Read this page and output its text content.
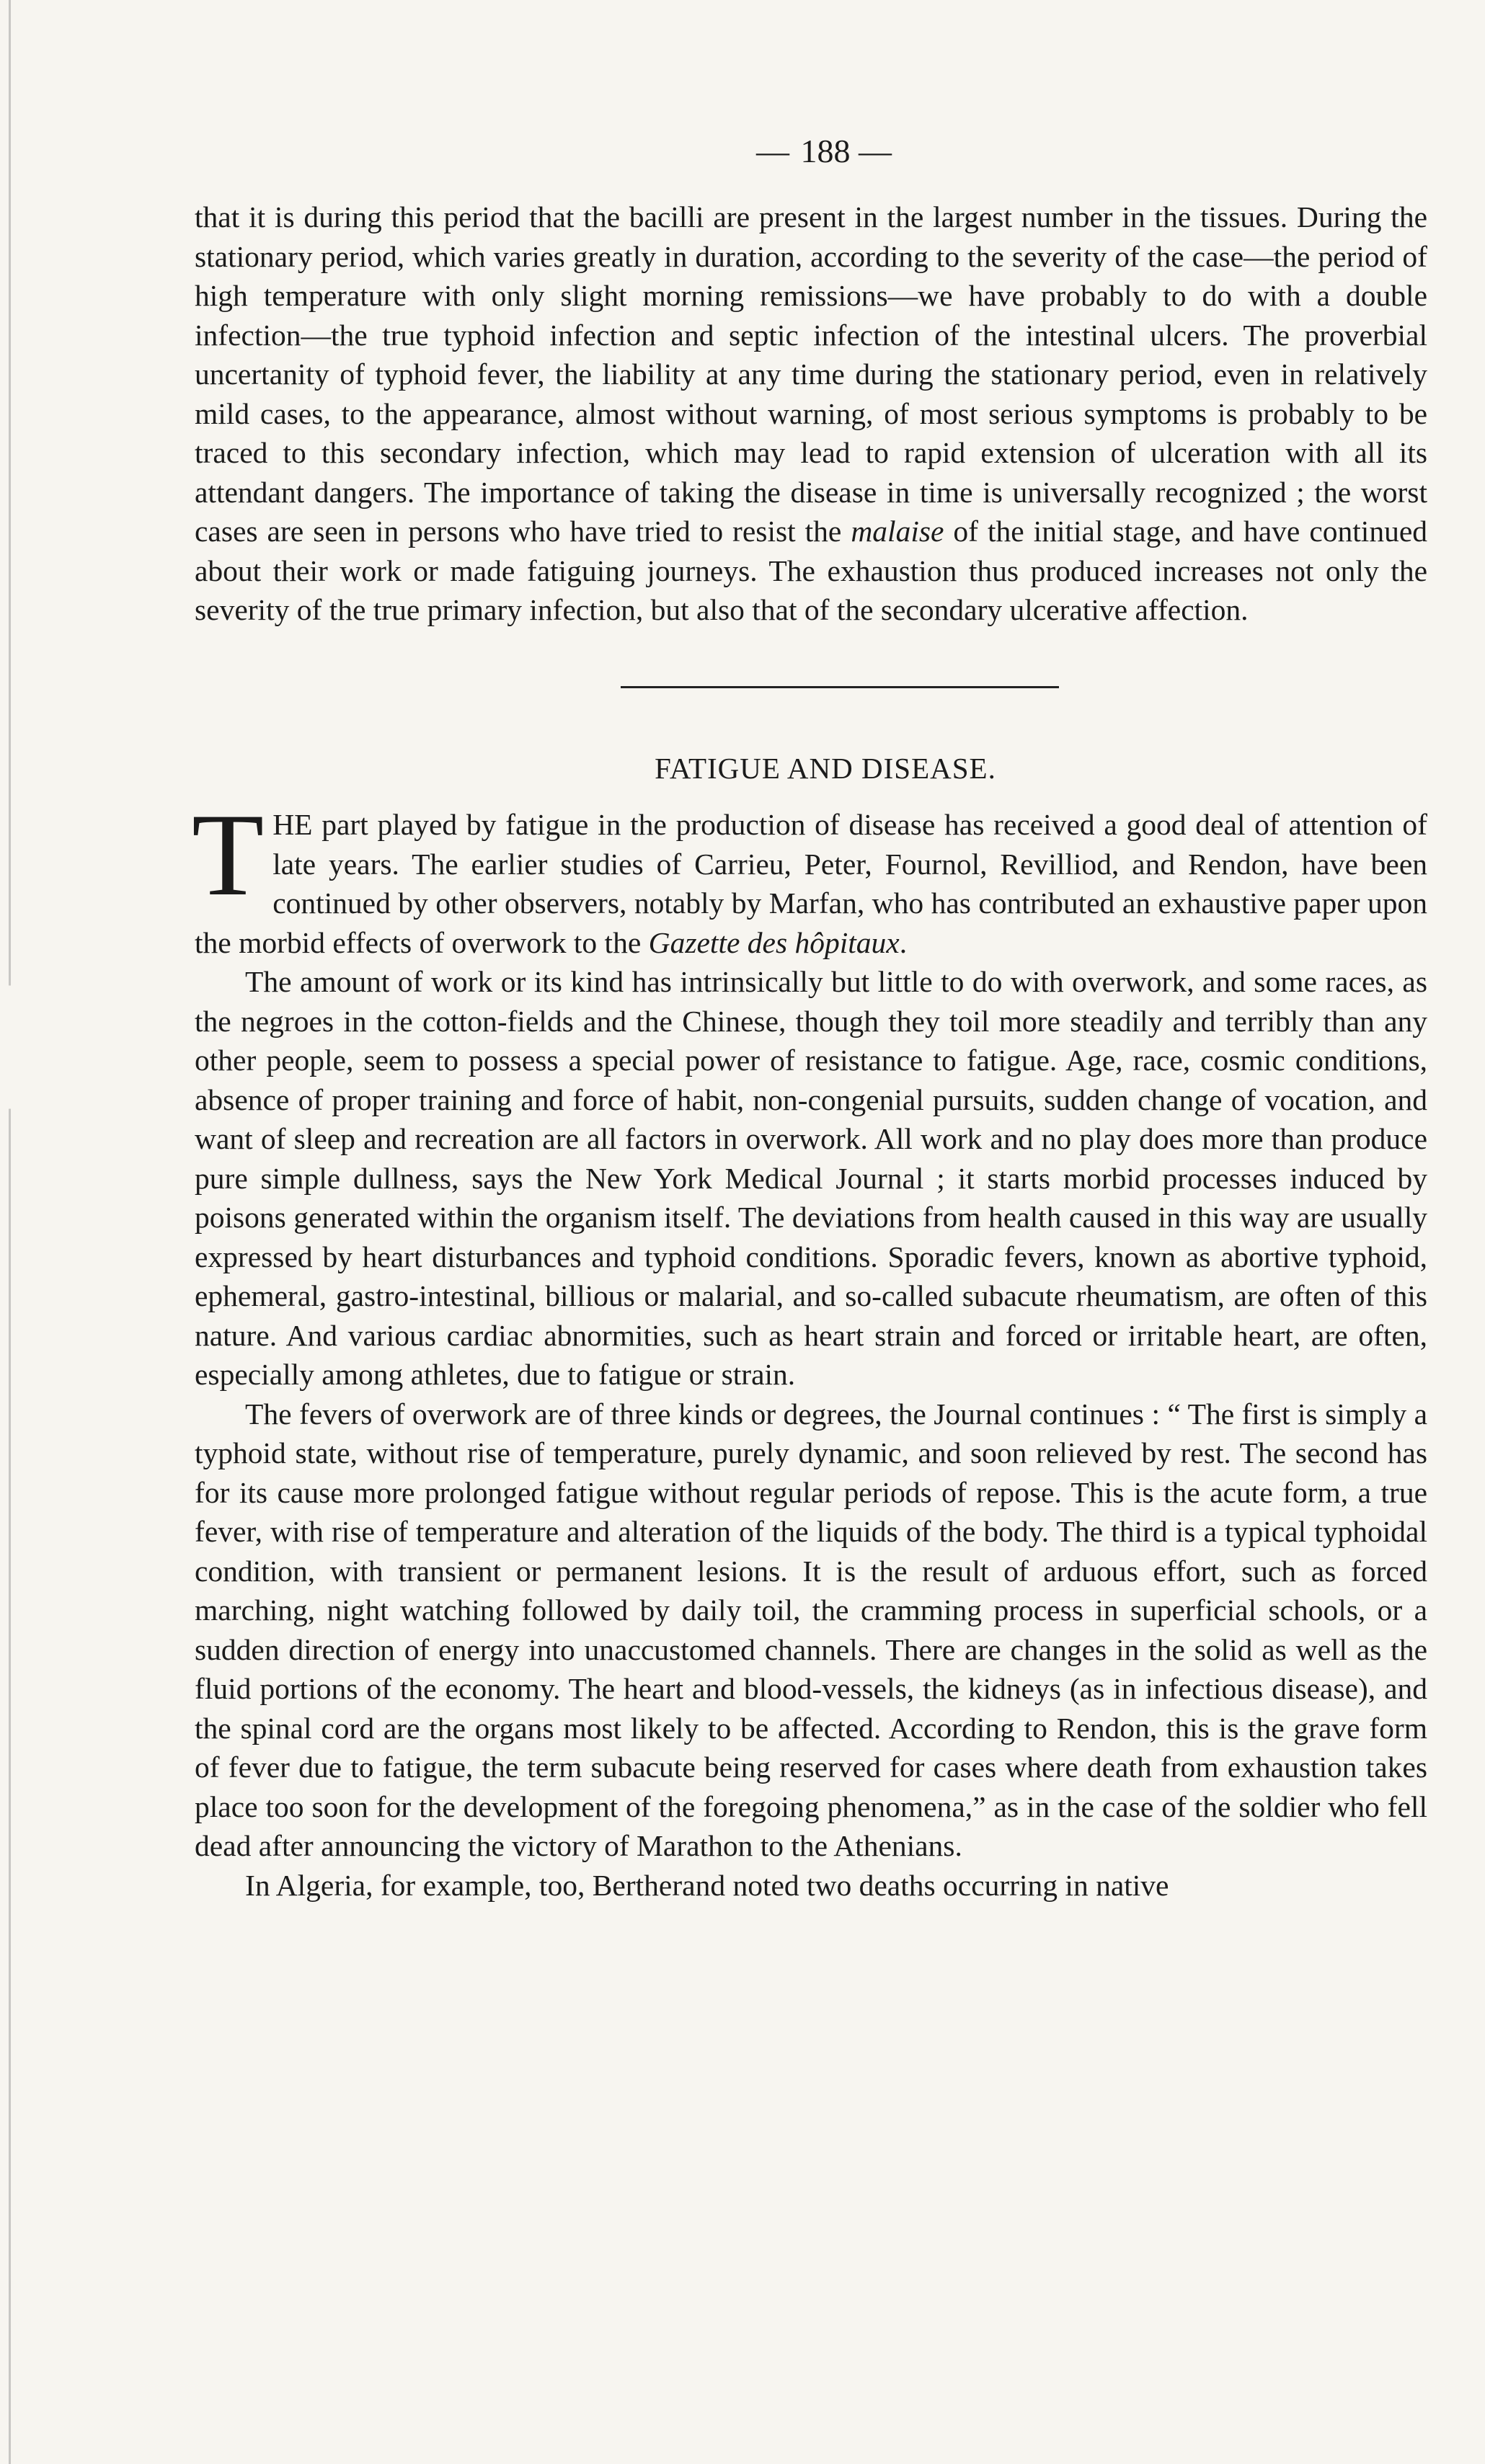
— 188 —

that it is during this period that the bacilli are present in the largest number in the tissues. During the stationary period, which varies greatly in duration, according to the severity of the case—the period of high temperature with only slight morning remissions—we have probably to do with a double infection—the true typhoid infection and septic infection of the intestinal ulcers. The proverbial uncertanity of typhoid fever, the liability at any time during the stationary period, even in relatively mild cases, to the appearance, almost without warning, of most serious symptoms is probably to be traced to this secondary infection, which may lead to rapid extension of ulceration with all its attendant dangers. The importance of taking the disease in time is universally recognized ; the worst cases are seen in persons who have tried to resist the malaise of the initial stage, and have continued about their work or made fatiguing journeys. The exhaustion thus produced increases not only the severity of the true primary infection, but also that of the secondary ulcerative affection.

FATIGUE AND DISEASE.

THE part played by fatigue in the production of disease has received a good deal of attention of late years. The earlier studies of Carrieu, Peter, Fournol, Revilliod, and Rendon, have been continued by other observers, notably by Marfan, who has contributed an exhaustive paper upon the morbid effects of overwork to the Gazette des hôpitaux.

The amount of work or its kind has intrinsically but little to do with overwork, and some races, as the negroes in the cotton-fields and the Chinese, though they toil more steadily and terribly than any other people, seem to possess a special power of resistance to fatigue. Age, race, cosmic conditions, absence of proper training and force of habit, non-congenial pursuits, sudden change of vocation, and want of sleep and recreation are all factors in overwork. All work and no play does more than produce pure simple dullness, says the New York Medical Journal ; it starts morbid processes induced by poisons generated within the organism itself. The deviations from health caused in this way are usually expressed by heart disturbances and typhoid conditions. Sporadic fevers, known as abortive typhoid, ephemeral, gastro-intestinal, billious or malarial, and so-called subacute rheumatism, are often of this nature. And various cardiac abnormities, such as heart strain and forced or irritable heart, are often, especially among athletes, due to fatigue or strain.

The fevers of overwork are of three kinds or degrees, the Journal continues : “ The first is simply a typhoid state, without rise of temperature, purely dynamic, and soon relieved by rest. The second has for its cause more prolonged fatigue without regular periods of repose. This is the acute form, a true fever, with rise of temperature and alteration of the liquids of the body. The third is a typical typhoidal condition, with transient or permanent lesions. It is the result of arduous effort, such as forced marching, night watching followed by daily toil, the cramming process in superficial schools, or a sudden direction of energy into unaccustomed channels. There are changes in the solid as well as the fluid portions of the economy. The heart and blood-vessels, the kidneys (as in infectious disease), and the spinal cord are the organs most likely to be affected. According to Rendon, this is the grave form of fever due to fatigue, the term subacute being reserved for cases where death from exhaustion takes place too soon for the development of the foregoing phenomena,” as in the case of the soldier who fell dead after announcing the victory of Marathon to the Athenians.

In Algeria, for example, too, Bertherand noted two deaths occurring in native
